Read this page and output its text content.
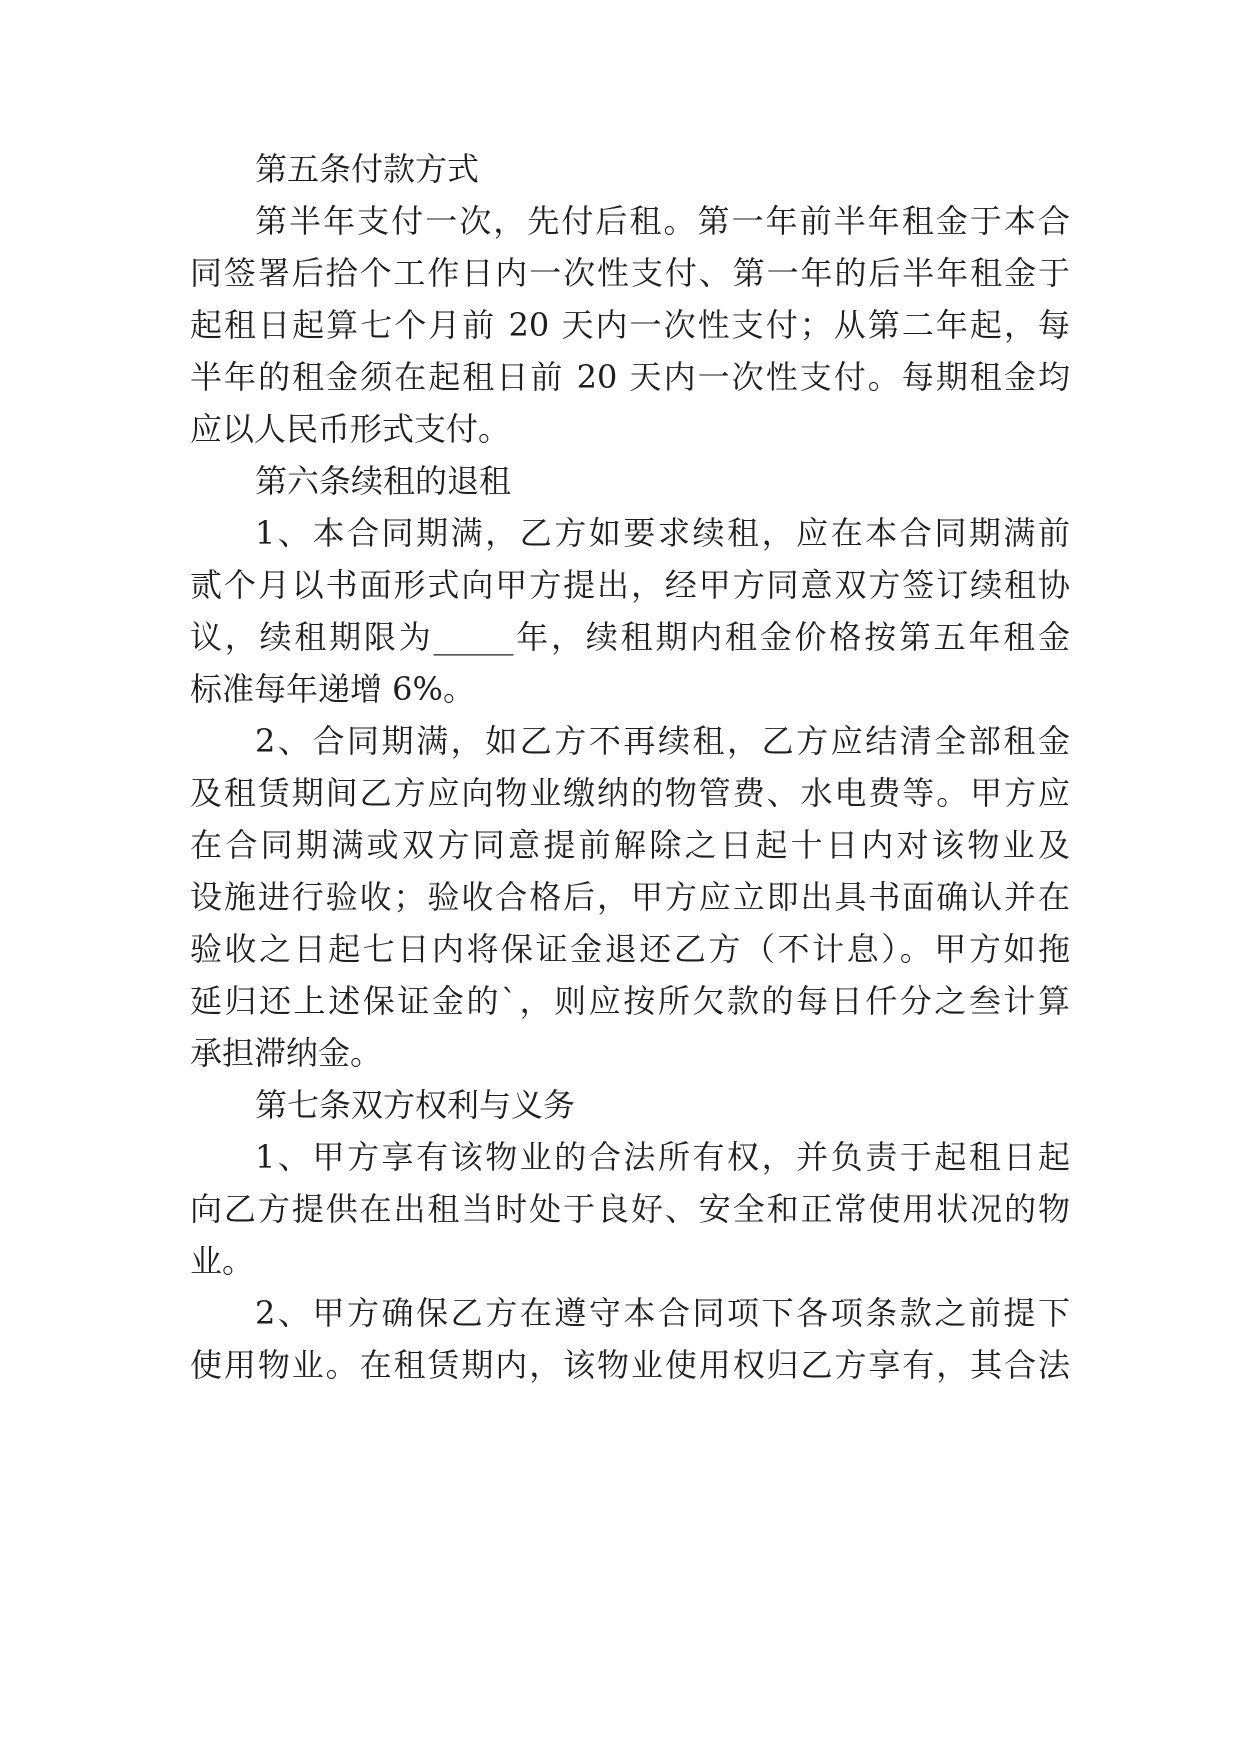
第五条付款方式
第半年支付一次，先付后租。第一年前半年租金于本合
同签署后拾个工作日内一次性支付、第一年的后半年租金于
起租日起算七个月前 20 天内一次性支付；从第二年起，每
半年的租金须在起租日前 20 天内一次性支付。每期租金均
应以人民币形式支付。
第六条续租的退租
1、本合同期满，乙方如要求续租，应在本合同期满前
贰个月以书面形式向甲方提出，经甲方同意双方签订续租协
议，续租期限为_____年，续租期内租金价格按第五年租金
标准每年递增 6%。
2、合同期满，如乙方不再续租，乙方应结清全部租金
及租赁期间乙方应向物业缴纳的物管费、水电费等。甲方应
在合同期满或双方同意提前解除之日起十日内对该物业及
设施进行验收；验收合格后，甲方应立即出具书面确认并在
验收之日起七日内将保证金退还乙方（不计息）。甲方如拖
延归还上述保证金的`，则应按所欠款的每日仟分之叁计算
承担滞纳金。
第七条双方权利与义务
1、甲方享有该物业的合法所有权，并负责于起租日起
向乙方提供在出租当时处于良好、安全和正常使用状况的物
业。
2、甲方确保乙方在遵守本合同项下各项条款之前提下
使用物业。在租赁期内，该物业使用权归乙方享有，其合法
